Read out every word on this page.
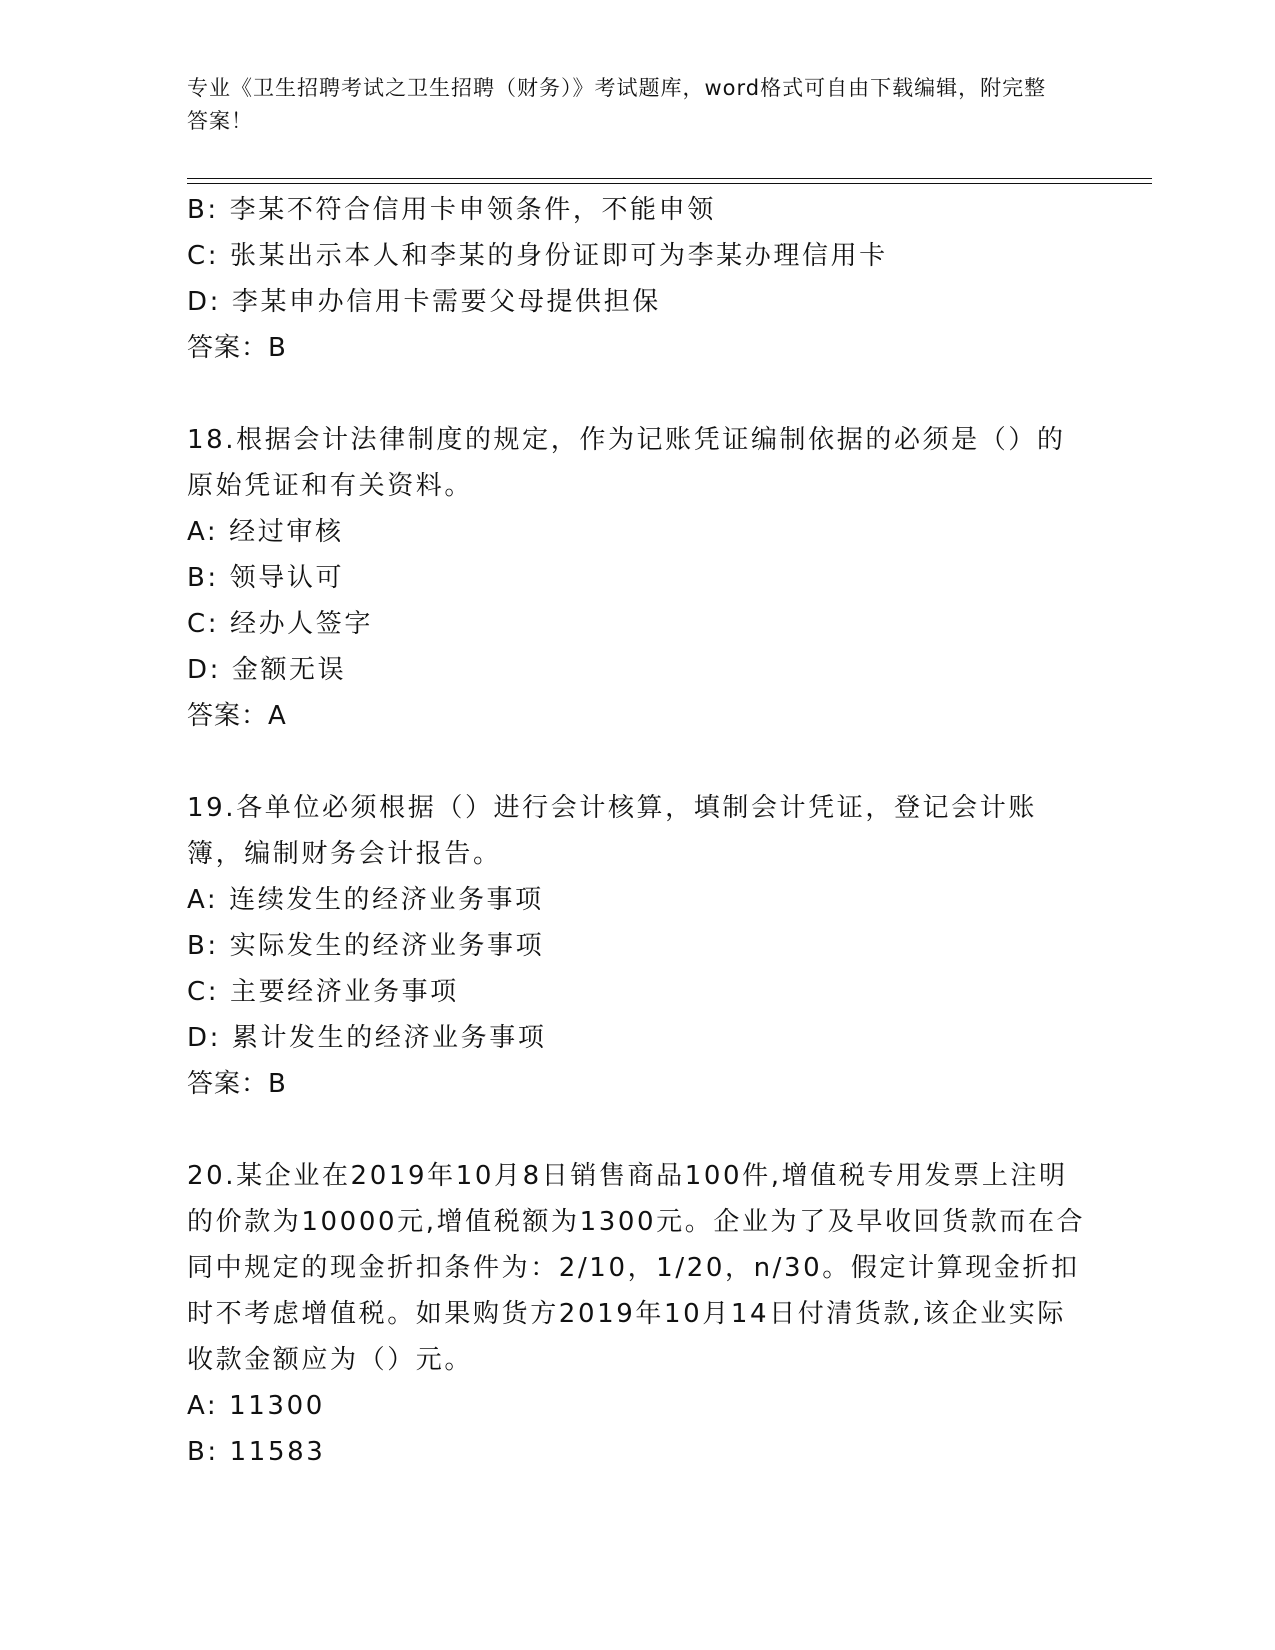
专业《卫生招聘考试之卫生招聘（财务）》考试题库，word格式可自由下载编辑，附完整答案！
B: 李某不符合信用卡申领条件，不能申领
C: 张某出示本人和李某的身份证即可为李某办理信用卡
D: 李某申办信用卡需要父母提供担保
答案：B
18.根据会计法律制度的规定，作为记账凭证编制依据的必须是（）的原始凭证和有关资料。
A: 经过审核
B: 领导认可
C: 经办人签字
D: 金额无误
答案：A
19.各单位必须根据（）进行会计核算，填制会计凭证，登记会计账簿，编制财务会计报告。
A: 连续发生的经济业务事项
B: 实际发生的经济业务事项
C: 主要经济业务事项
D: 累计发生的经济业务事项
答案：B
20.某企业在2019年10月8日销售商品100件,增值税专用发票上注明的价款为10000元,增值税额为1300元。企业为了及早收回货款而在合同中规定的现金折扣条件为：2/10，1/20，n/30。假定计算现金折扣时不考虑增值税。如果购货方2019年10月14日付清货款,该企业实际收款金额应为（）元。
A: 11300
B: 11583
